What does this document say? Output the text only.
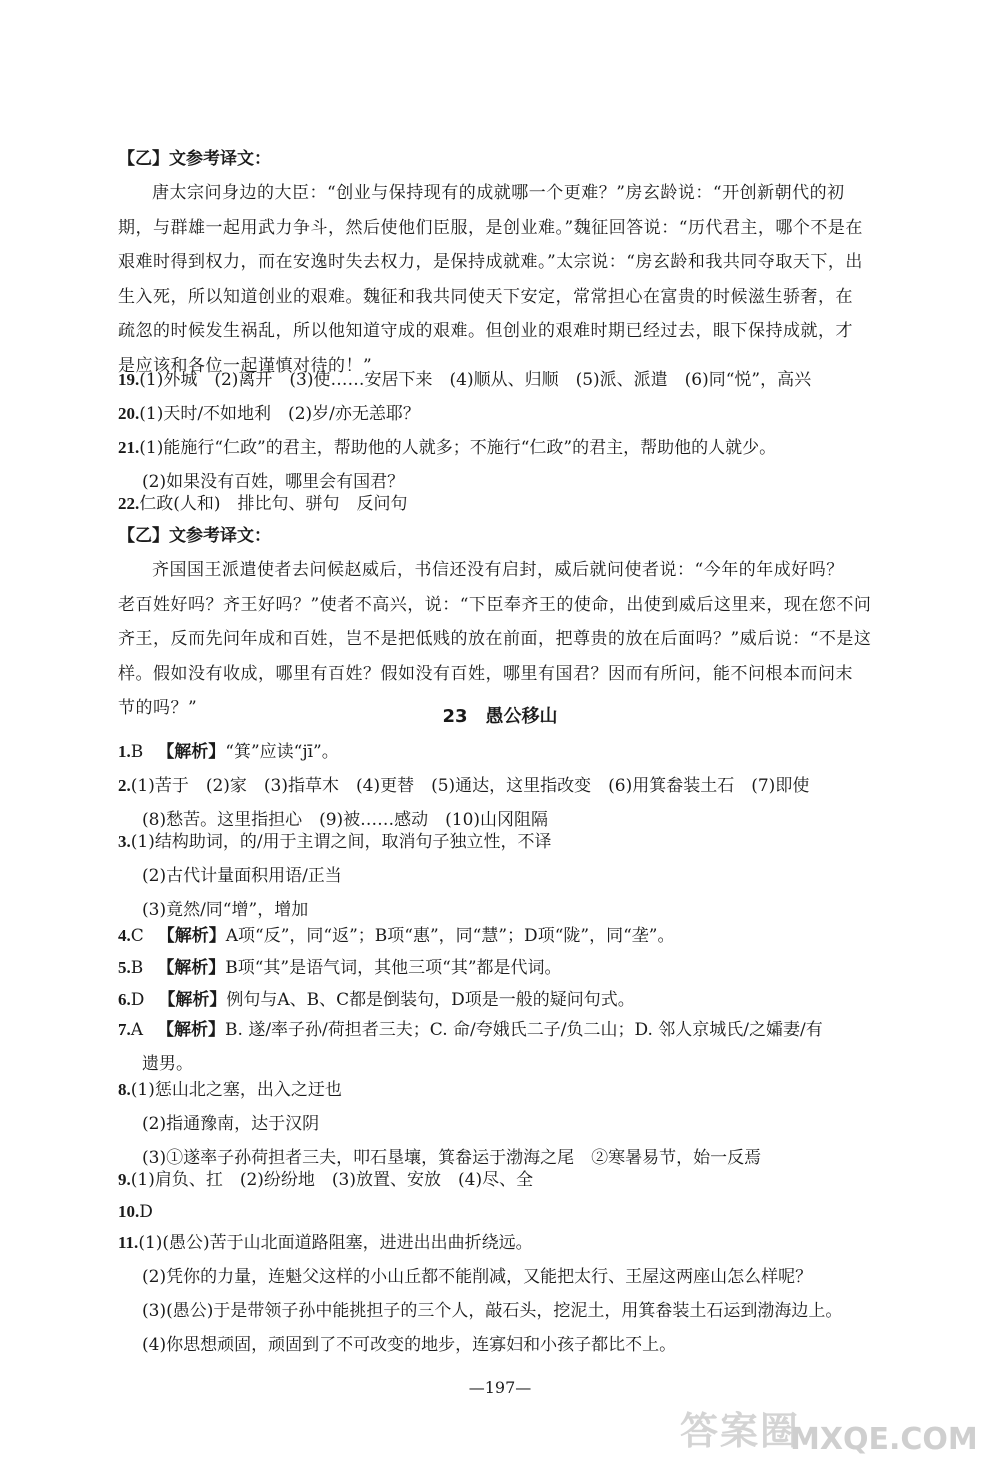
【乙】文参考译文：
唐太宗问身边的大臣：“创业与保持现有的成就哪一个更难？”房玄龄说：“开创新朝代的初
期，与群雄一起用武力争斗，然后使他们臣服，是创业难。”魏征回答说：“历代君主，哪个不是在
艰难时得到权力，而在安逸时失去权力，是保持成就难。”太宗说：“房玄龄和我共同夺取天下，出
生入死，所以知道创业的艰难。魏征和我共同使天下安定，常常担心在富贵的时候滋生骄奢，在
疏忽的时候发生祸乱，所以他知道守成的艰难。但创业的艰难时期已经过去，眼下保持成就，才
是应该和各位一起谨慎对待的！”
19.(1)外城　(2)离开　(3)使……安居下来　(4)顺从、归顺　(5)派、派遣　(6)同“悦”，高兴
20.(1)天时/不如地利　(2)岁/亦无恙耶？
21.(1)能施行“仁政”的君主，帮助他的人就多；不施行“仁政”的君主，帮助他的人就少。
(2)如果没有百姓，哪里会有国君？
22.仁政(人和)　排比句、骈句　反问句
【乙】文参考译文：
齐国国王派遣使者去问候赵威后，书信还没有启封，威后就问使者说：“今年的年成好吗？
老百姓好吗？齐王好吗？”使者不高兴，说：“下臣奉齐王的使命，出使到威后这里来，现在您不问
齐王，反而先问年成和百姓，岂不是把低贱的放在前面，把尊贵的放在后面吗？”威后说：“不是这
样。假如没有收成，哪里有百姓？假如没有百姓，哪里有国君？因而有所问，能不问根本而问末
节的吗？”	23　愚公移山
1.B 【解析】“箕”应读“jī”。
2.(1)苦于　(2)家　(3)指草木　(4)更替　(5)通达，这里指改变　(6)用箕畚装土石　(7)即使
(8)愁苦。这里指担心　(9)被……感动　(10)山冈阻隔
3.(1)结构助词，的/用于主谓之间，取消句子独立性，不译
(2)古代计量面积用语/正当
(3)竟然/同“增”，增加
4.C 【解析】A项“反”，同“返”；B项“惠”，同“慧”；D项“陇”，同“垄”。
5.B 【解析】B项“其”是语气词，其他三项“其”都是代词。
6.D 【解析】例句与A、B、C都是倒装句，D项是一般的疑问句式。
7.A 【解析】B. 遂/率子孙/荷担者三夫；C. 命/夸娥氏二子/负二山；D. 邻人京城氏/之孀妻/有
遗男。
8.(1)惩山北之塞，出入之迂也
(2)指通豫南，达于汉阴
(3)①遂率子孙荷担者三夫，叩石垦壤，箕畚运于渤海之尾　②寒暑易节，始一反焉
9.(1)肩负、扛　(2)纷纷地　(3)放置、安放　(4)尽、全
10.D
11.(1)(愚公)苦于山北面道路阻塞，进进出出曲折绕远。
(2)凭你的力量，连魁父这样的小山丘都不能削减，又能把太行、王屋这两座山怎么样呢？
(3)(愚公)于是带领子孙中能挑担子的三个人，敲石头，挖泥土，用箕畚装土石运到渤海边上。
(4)你思想顽固，顽固到了不可改变的地步，连寡妇和小孩子都比不上。
—197—
答案圈
MXQE.COM
